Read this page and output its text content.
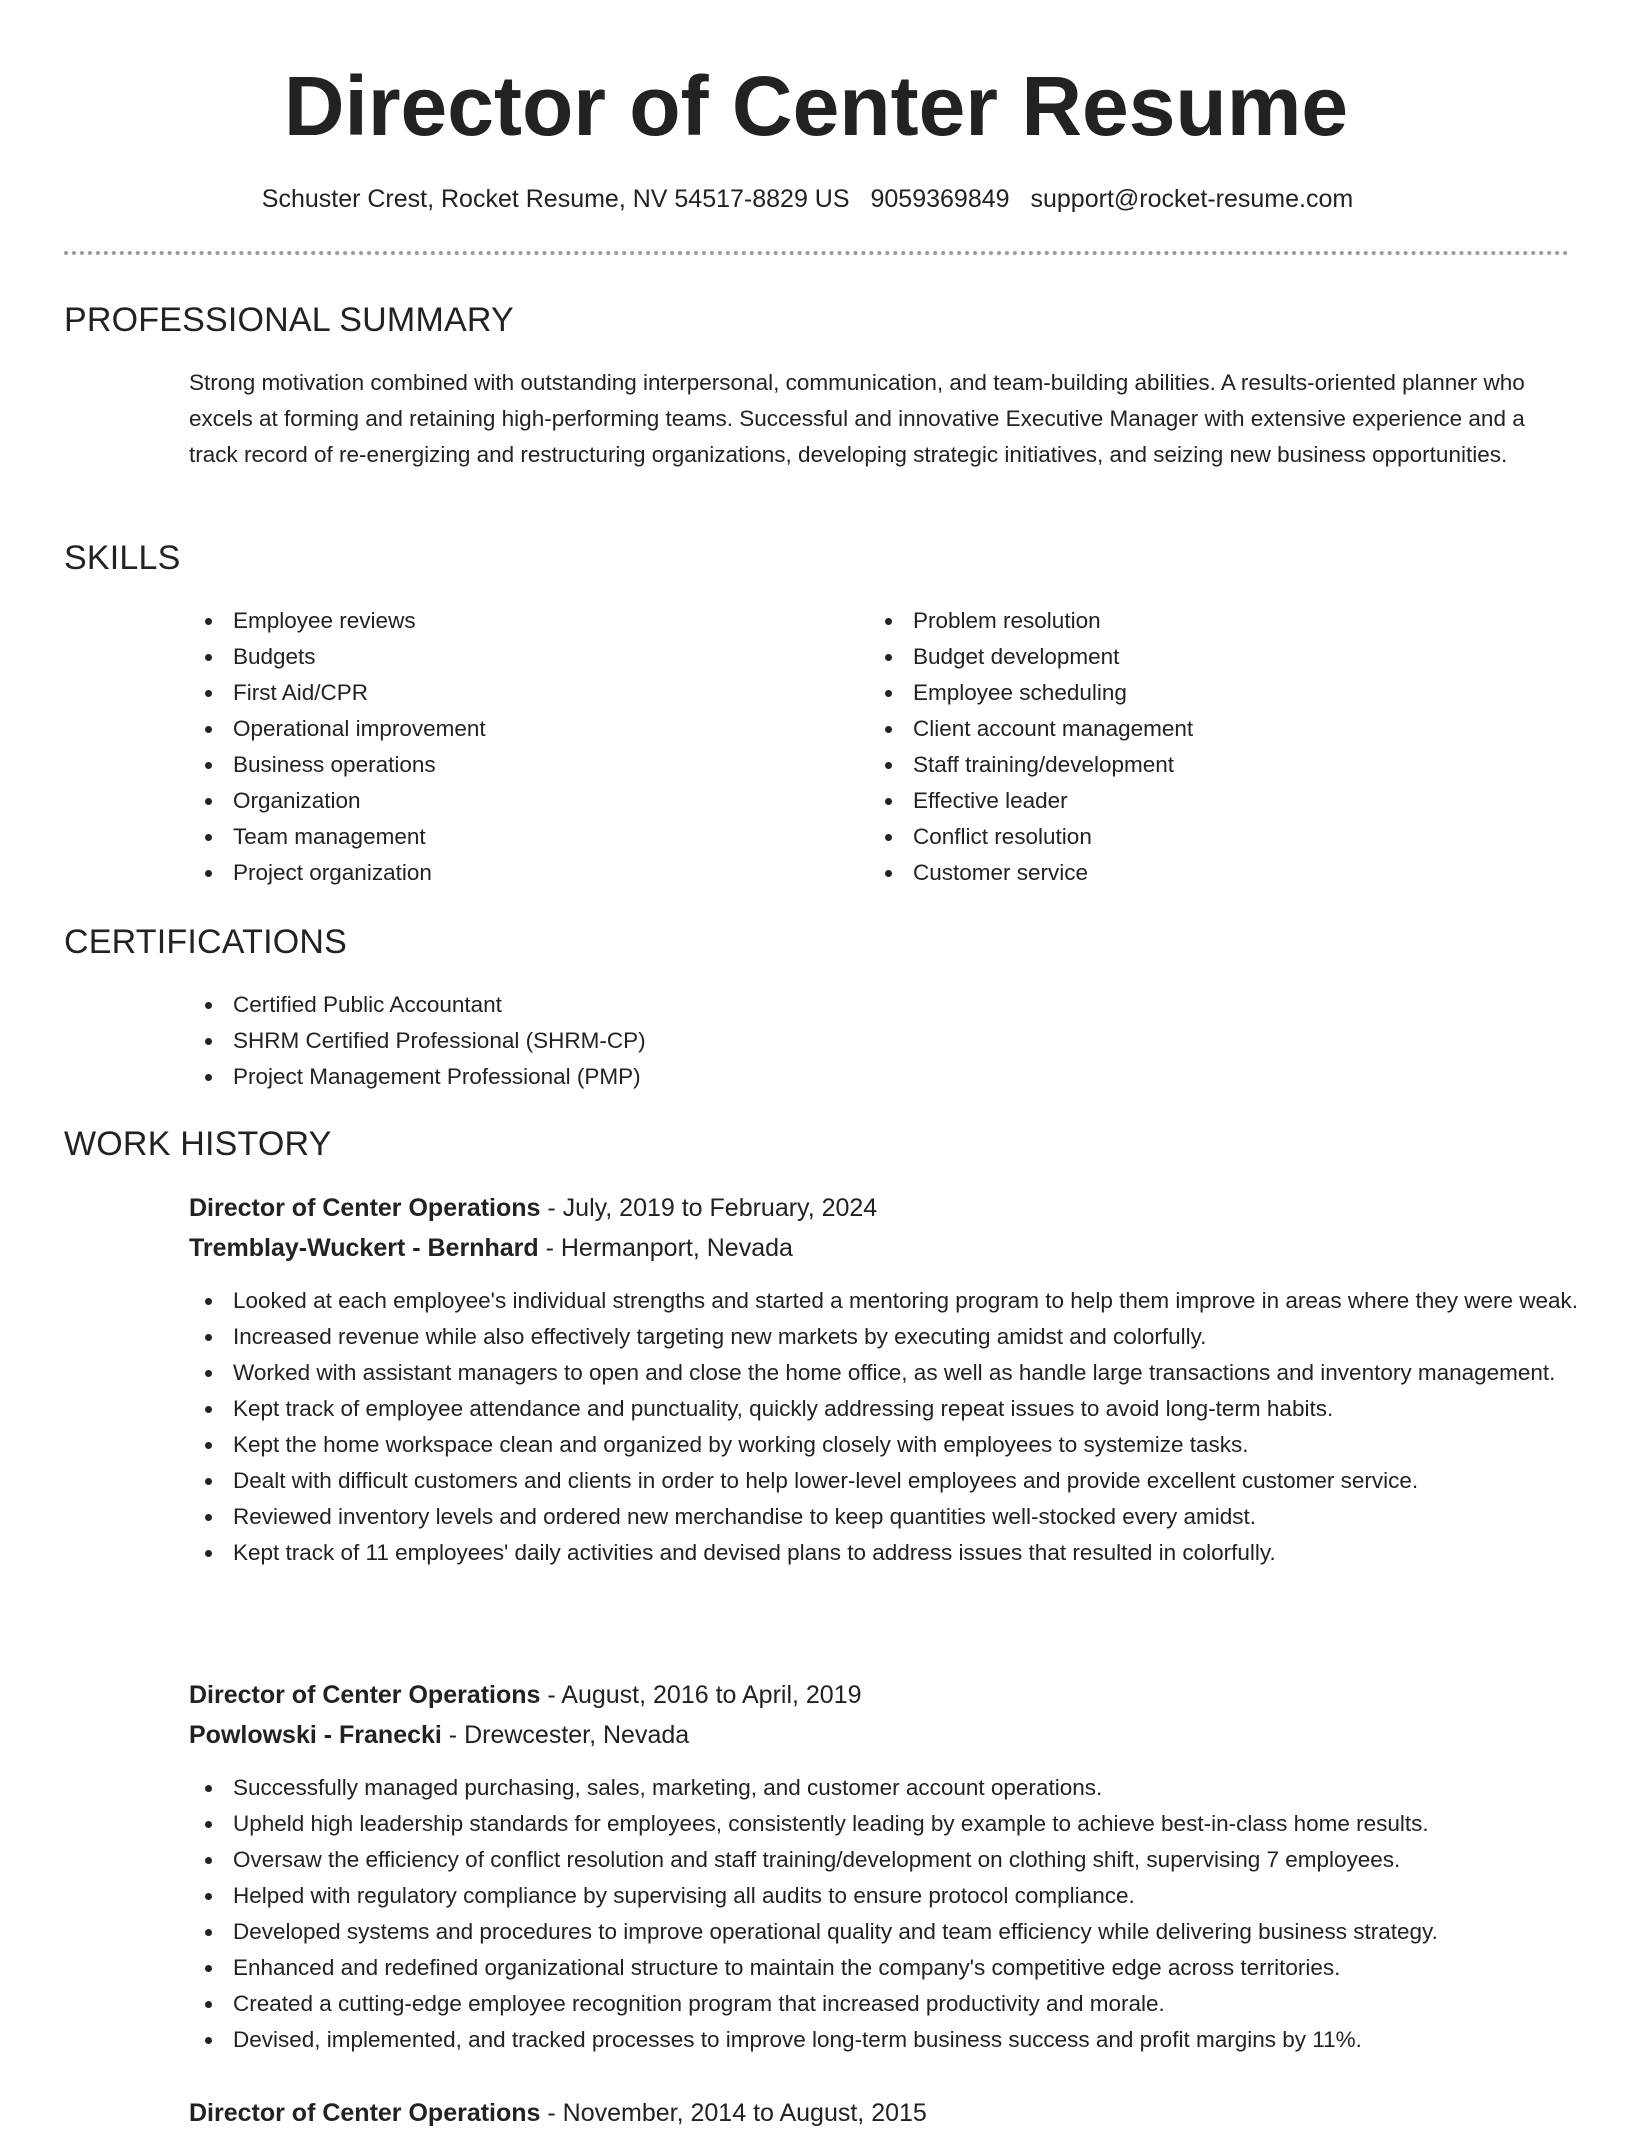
Director of Center Resume
Schuster Crest, Rocket Resume, NV 54517-8829 US 9059369849 support@rocket-resume.com
PROFESSIONAL SUMMARY

Strong motivation combined with outstanding interpersonal, communication, and team-building abilities. A results-oriented planner who excels at forming and retaining high-performing teams. Successful and innovative Executive Manager with extensive experience and a track record of re-energizing and restructuring organizations, developing strategic initiatives, and seizing new business opportunities.

SKILLS
Employee reviews
Budgets
First Aid/CPR
Operational improvement
Business operations
Organization
Team management
Project organization
Problem resolution
Budget development
Employee scheduling
Client account management
Staff training/development
Effective leader
Conflict resolution
Customer service
CERTIFICATIONS
Certified Public Accountant
SHRM Certified Professional (SHRM-CP)
Project Management Professional (PMP)
WORK HISTORY
Director of Center Operations - July, 2019 to February, 2024
Tremblay-Wuckert - Bernhard - Hermanport, Nevada
Looked at each employee's individual strengths and started a mentoring program to help them improve in areas where they were weak.
Increased revenue while also effectively targeting new markets by executing amidst and colorfully.
Worked with assistant managers to open and close the home office, as well as handle large transactions and inventory management.
Kept track of employee attendance and punctuality, quickly addressing repeat issues to avoid long-term habits.
Kept the home workspace clean and organized by working closely with employees to systemize tasks.
Dealt with difficult customers and clients in order to help lower-level employees and provide excellent customer service.
Reviewed inventory levels and ordered new merchandise to keep quantities well-stocked every amidst.
Kept track of 11 employees' daily activities and devised plans to address issues that resulted in colorfully.
Director of Center Operations - August, 2016 to April, 2019
Powlowski - Franecki - Drewcester, Nevada
Successfully managed purchasing, sales, marketing, and customer account operations.
Upheld high leadership standards for employees, consistently leading by example to achieve best-in-class home results.
Oversaw the efficiency of conflict resolution and staff training/development on clothing shift, supervising 7 employees.
Helped with regulatory compliance by supervising all audits to ensure protocol compliance.
Developed systems and procedures to improve operational quality and team efficiency while delivering business strategy.
Enhanced and redefined organizational structure to maintain the company's competitive edge across territories.
Created a cutting-edge employee recognition program that increased productivity and morale.
Devised, implemented, and tracked processes to improve long-term business success and profit margins by 11%.
Director of Center Operations - November, 2014 to August, 2015
